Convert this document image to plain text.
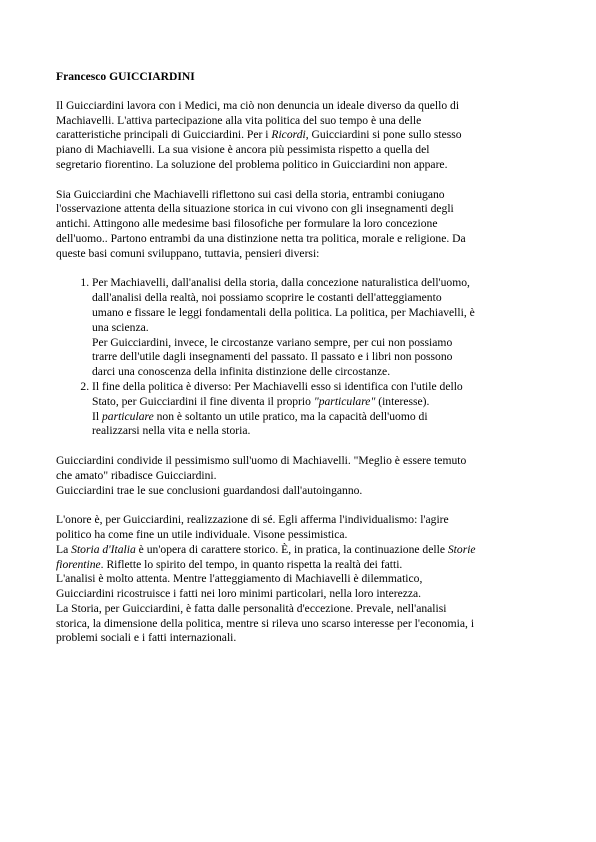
Francesco GUICCIARDINI

Il Guicciardini lavora con i Medici, ma ciò non denuncia un ideale diverso da quello di Machiavelli. L'attiva partecipazione alla vita politica del suo tempo è una delle caratteristiche principali di Guicciardini. Per i Ricordi, Guicciardini si pone sullo stesso piano di Machiavelli. La sua visione è ancora più pessimista rispetto a quella del segretario fiorentino. La soluzione del problema politico in Guicciardini non appare.

Sia Guicciardini che Machiavelli riflettono sui casi della storia, entrambi coniugano l'osservazione attenta della situazione storica in cui vivono con gli insegnamenti degli antichi. Attingono alle medesime basi filosofiche per formulare la loro concezione dell'uomo.. Partono entrambi da una distinzione netta tra politica, morale e religione. Da queste basi comuni sviluppano, tuttavia, pensieri diversi:

1. Per Machiavelli, dall'analisi della storia, dalla concezione naturalistica dell'uomo, dall'analisi della realtà, noi possiamo scoprire le costanti dell'atteggiamento umano e fissare le leggi fondamentali della politica. La politica, per Machiavelli, è una scienza.
Per Guicciardini, invece, le circostanze variano sempre, per cui non possiamo trarre dell'utile dagli insegnamenti del passato. Il passato e i libri non possono darci una conoscenza della infinita distinzione delle circostanze.
2. Il fine della politica è diverso: Per Machiavelli esso si identifica con l'utile dello Stato, per Guicciardini il fine diventa il proprio "particulare" (interesse).
Il particulare non è soltanto un utile pratico, ma la capacità dell'uomo di realizzarsi nella vita e nella storia.

Guicciardini condivide il pessimismo sull'uomo di Machiavelli. "Meglio è essere temuto che amato" ribadisce Guicciardini.
Guicciardini trae le sue conclusioni guardandosi dall'autoinganno.

L'onore è, per Guicciardini, realizzazione di sé. Egli afferma l'individualismo: l'agire politico ha come fine un utile individuale. Visone pessimistica.
La Storia d'Italia è un'opera di carattere storico. È, in pratica, la continuazione delle Storie fiorentine. Riflette lo spirito del tempo, in quanto rispetta la realtà dei fatti.
L'analisi è molto attenta. Mentre l'atteggiamento di Machiavelli è dilemmatico, Guicciardini ricostruisce i fatti nei loro minimi particolari, nella loro interezza.
La Storia, per Guicciardini, è fatta dalle personalità d'eccezione. Prevale, nell'analisi storica, la dimensione della politica, mentre si rileva uno scarso interesse per l'economia, i problemi sociali e i fatti internazionali.
